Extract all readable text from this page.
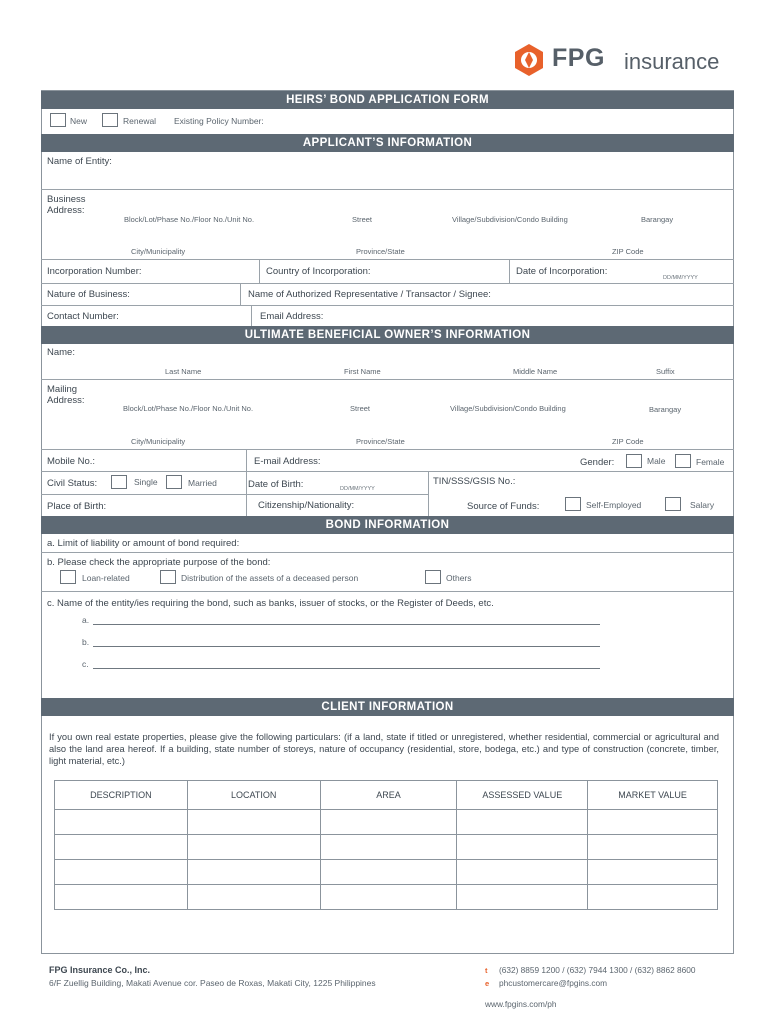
FPG insurance
HEIRS’ BOND APPLICATION FORM
New	Renewal Existing Policy Number:
APPLICANT’S INFORMATION
Name of Entity:
Business
Address:
Block/Lot/Phase No./Floor No./Unit No.	Street	Village/Subdivision/Condo Building	Barangay
City/Municipality	Province/State	ZIP Code
Incorporation Number:	Country of Incorporation:	Date of Incorporation:
DD/MM/YYYY
Nature of Business:	Name of Authorized Representative / Transactor / Signee:
Contact Number:	Email Address:
ULTIMATE BENEFICIAL OWNER’S INFORMATION
Name:
Last Name	First Name	Middle Name	Suffix
Mailing
Address:
Block/Lot/Phase No./Floor No./Unit No.	Street	Village/Subdivision/Condo Building	Barangay
City/Municipality	Province/State	ZIP Code
Mobile No.:	E-mail Address:	Gender:	Male	Female
Civil Status:	Single	Married	Date of Birth:	DD/MM/YYYY
TIN/SSS/GSIS No.:
Place of Birth:	Citizenship/Nationality:	Source of Funds:	Self-Employed	Salary
BOND INFORMATION
a. Limit of liability or amount of bond required:
b. Please check the appropriate purpose of the bond:
Loan-related	Distribution of the assets of a deceased person	Others
c. Name of the entity/ies requiring the bond, such as banks, issuer of stocks, or the Register of Deeds, etc.
a.
b.
c.
CLIENT INFORMATION
If you own real estate properties, please give the following particulars: (if a land, state if titled or unregistered, whether residential, commercial or agricultural and also the land area hereof. If a building, state number of storeys, nature of occupancy (residential, store, bodega, etc.) and type of construction (concrete, timber, light material, etc.)
DESCRIPTION	LOCATION	AREA	ASSESSED VALUE	MARKET VALUE

FPG Insurance Co., Inc.
6/F Zuellig Building, Makati Avenue cor. Paseo de Roxas, Makati City, 1225 Philippines
t (632) 8859 1200 / (632) 7944 1300 / (632) 8862 8600
e phcustomercare@fpgins.com
www.fpgins.com/ph
